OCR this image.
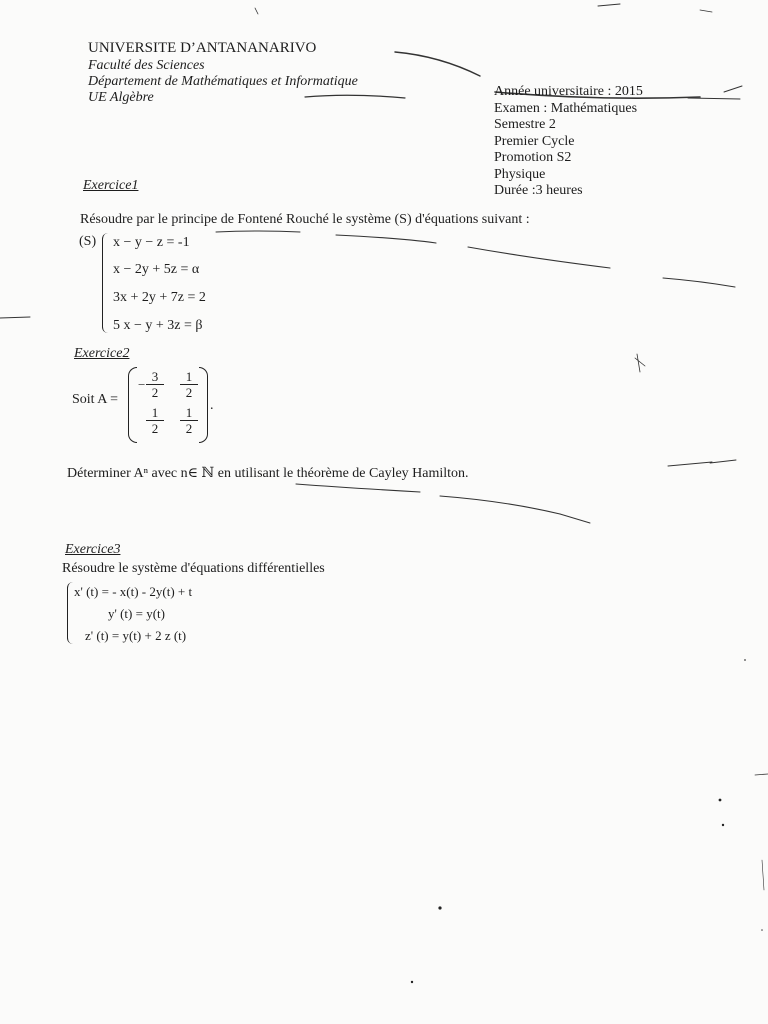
UNIVERSITE D’ANTANANARIVO
Faculté des Sciences
Département de Mathématiques et Informatique
UE Algèbre	Année universitaire : 2015
Examen : Mathématiques
Semestre 2
Premier Cycle
Promotion S2
Physique
Durée :3 heures
Exercice1
Résoudre par le principe de Fontené Rouché le système (S) d'équations suivant :
(S) x − y − z = -1
x − 2y + 5z = α
3x + 2y + 7z = 2
5 x − y + 3z = β
Exercice2
Soit A =
− $\frac{3}{2} \frac{1}{2}$
$\frac{1}{2} \frac{1}{2}$ .
Déterminer Aⁿ avec n∈ ℕ en utilisant le théorème de Cayley Hamilton.
Exercice3
Résoudre le système d'équations différentielles
x' (t) = - x(t) - 2y(t) + t
y' (t) = y(t)
z' (t) = y(t) + 2 z (t)
